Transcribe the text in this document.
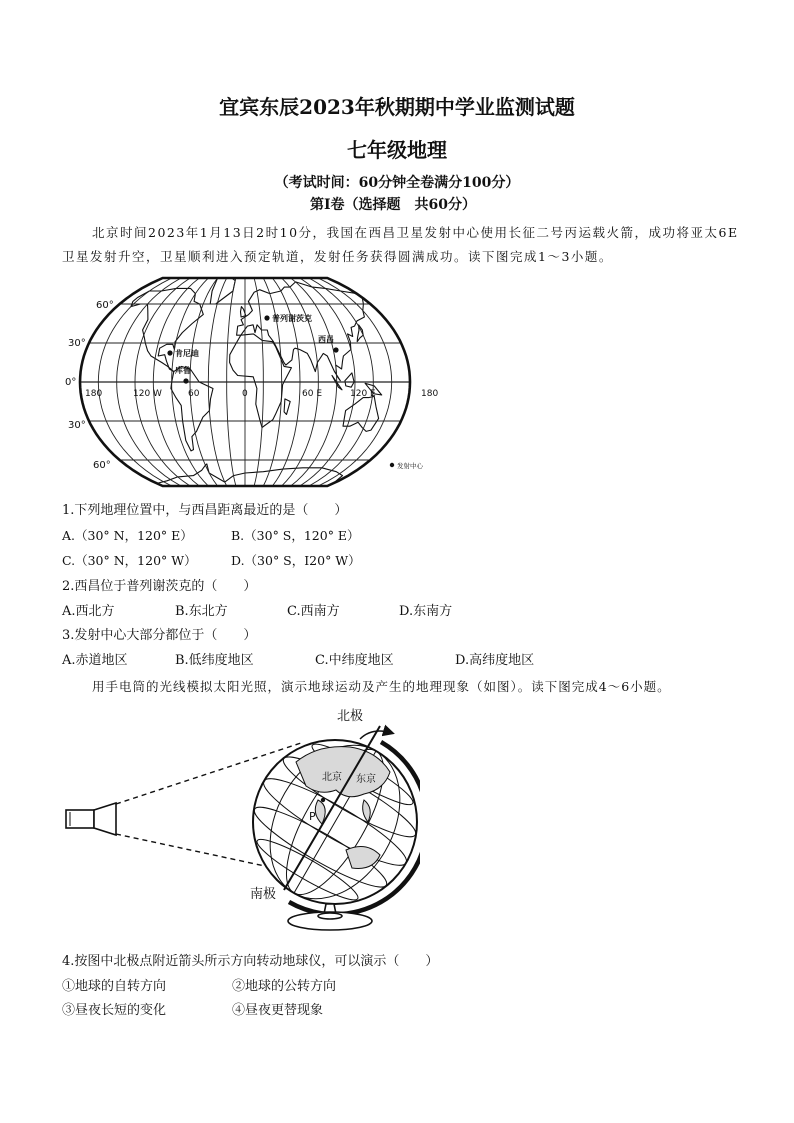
宜宾东辰2023年秋期期中学业监测试题
七年级地理
（考试时间：60分钟全卷满分100分）
第Ⅰ卷（选择题　共60分）
北京时间2023年1月13日2时10分，我国在西昌卫星发射中心使用长征二号丙运载火箭，成功将亚太6E
卫星发射升空，卫星顺利进入预定轨道，发射任务获得圆满成功。读下图完成1～3小题。
60°
30°
0°
30°
60°
180	120 W	60	0	60 E	120 E	180
普列谢茨克
西昌
肯尼迪
库鲁
发射中心
1.下列地理位置中，与西昌距离最近的是（　　）
A.（30° N，120° E）	B.（30° S，120° E）
C.（30° N，120° W）	D.（30° S，I20° W）
2.西昌位于普列谢茨克的（　　）
A.西北方	B.东北方	C.西南方	D.东南方
3.发射中心大部分都位于（　　）
A.赤道地区	B.低纬度地区	C.中纬度地区	D.高纬度地区
用手电筒的光线模拟太阳光照，演示地球运动及产生的地理现象（如图）。读下图完成4～6小题。
北京 东京
P
北极
南极
4.按图中北极点附近箭头所示方向转动地球仪，可以演示（　　）
①地球的自转方向	②地球的公转方向
③昼夜长短的变化	④昼夜更替现象
